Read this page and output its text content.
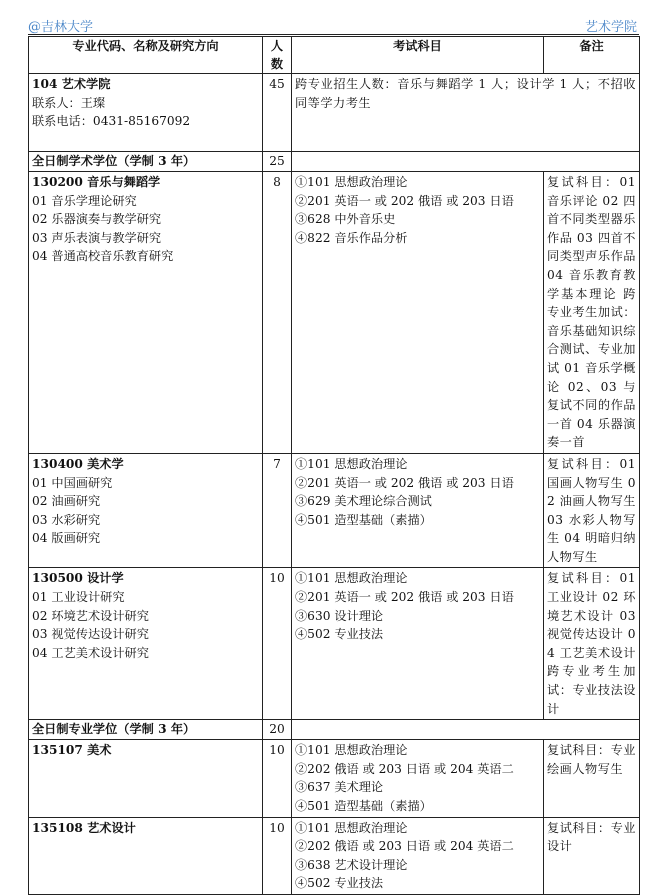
@吉林大学	艺术学院
专业代码、名称及研究方向	人数	考试科目	备注

104 艺术学院
联系人：王璨
联系电话：0431-85167092	45	跨专业招生人数：音乐与舞蹈学 1 人；设计学 1 人；不招收同等学力考生	

全日制学术学位（学制 3 年）	25		

130200 音乐与舞蹈学
01 音乐学理论研究
02 乐器演奏与教学研究
03 声乐表演与教学研究
04 普通高校音乐教育研究	8	①101 思想政治理论
②201 英语一 或 202 俄语 或 203 日语
③628 中外音乐史
④822 音乐作品分析	复试科目：01 音乐评论 02 四首不同类型器乐作品 03 四首不同类型声乐作品 04 音乐教育教学基本理论 跨专业考生加试：音乐基础知识综合测试、专业加试 01 音乐学概论 02、03 与复试不同的作品一首 04 乐器演奏一首

130400 美术学
01 中国画研究
02 油画研究
03 水彩研究
04 版画研究	7	①101 思想政治理论
②201 英语一 或 202 俄语 或 203 日语
③629 美术理论综合测试
④501 造型基础（素描）	复试科目：01 国画人物写生 02 油画人物写生 03 水彩人物写生 04 明暗归纳人物写生

130500 设计学
01 工业设计研究
02 环境艺术设计研究
03 视觉传达设计研究
04 工艺美术设计研究	10	①101 思想政治理论
②201 英语一 或 202 俄语 或 203 日语
③630 设计理论
④502 专业技法	复试科目：01 工业设计 02 环境艺术设计 03 视觉传达设计 04 工艺美术设计 跨专业考生加试：专业技法设计

全日制专业学位（学制 3 年）	20		

135107 美术	10	①101 思想政治理论
②202 俄语 或 203 日语 或 204 英语二
③637 美术理论
④501 造型基础（素描）	复试科目：专业绘画人物写生

135108 艺术设计	10	①101 思想政治理论
②202 俄语 或 203 日语 或 204 英语二
③638 艺术设计理论
④502 专业技法	复试科目：专业设计
